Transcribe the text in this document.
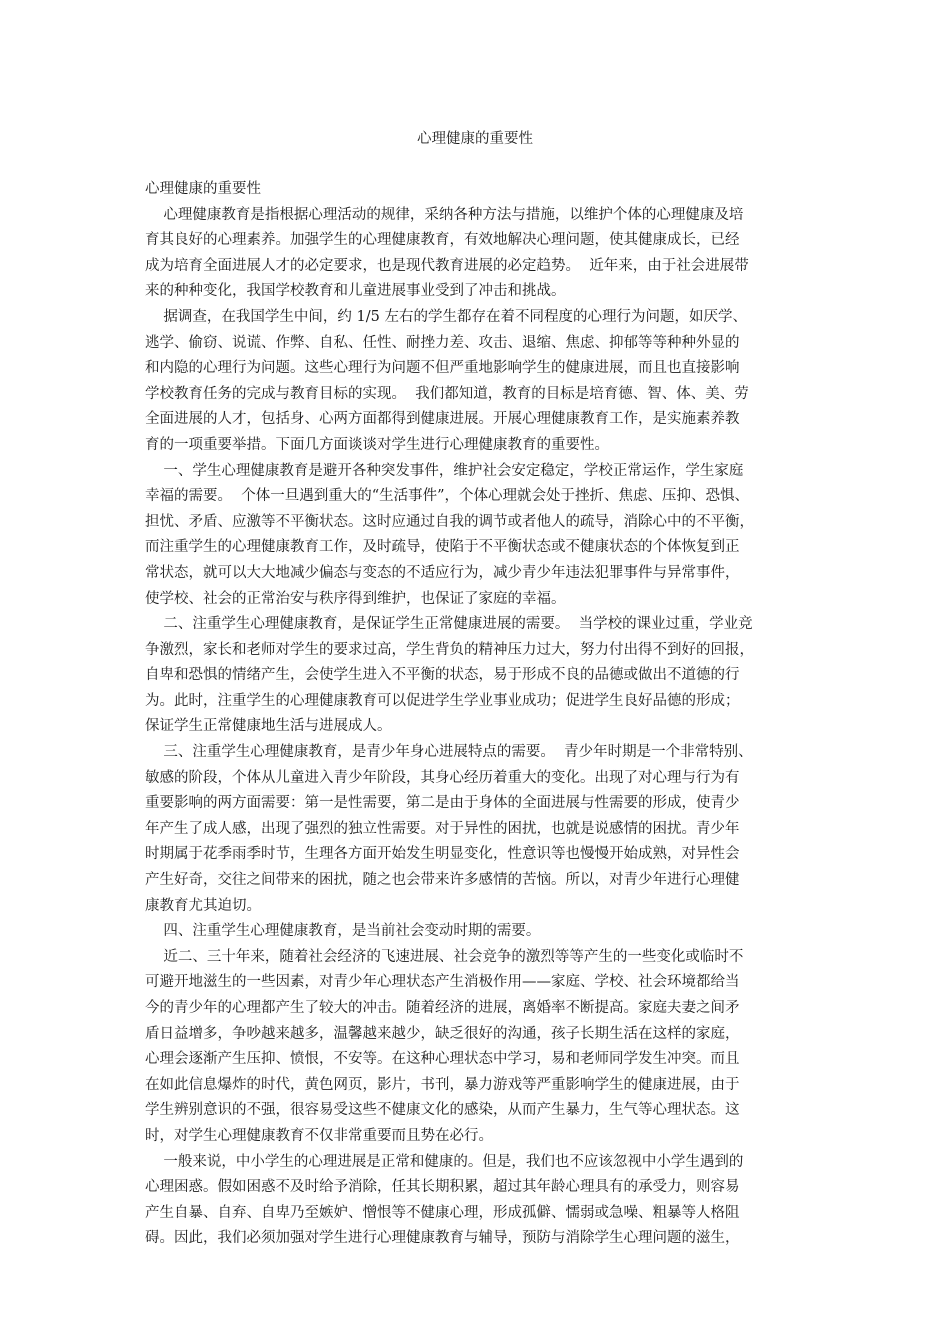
心理健康的重要性
心理健康的重要性
心理健康教育是指根据心理活动的规律，采纳各种方法与措施，以维护个体的心理健康及培
育其良好的心理素养。加强学生的心理健康教育，有效地解决心理问题，使其健康成长，已经
成为培育全面进展人才的必定要求，也是现代教育进展的必定趋势。  近年来，由于社会进展带
来的种种变化，我国学校教育和儿童进展事业受到了冲击和挑战。
据调查，在我国学生中间，约 1/5 左右的学生都存在着不同程度的心理行为问题，如厌学、
逃学、偷窃、说谎、作弊、自私、任性、耐挫力差、攻击、退缩、焦虑、抑郁等等种种外显的
和内隐的心理行为问题。这些心理行为问题不但严重地影响学生的健康进展，而且也直接影响
学校教育任务的完成与教育目标的实现。  我们都知道，教育的目标是培育德、智、体、美、劳
全面进展的人才，包括身、心两方面都得到健康进展。开展心理健康教育工作，是实施素养教
育的一项重要举措。下面几方面谈谈对学生进行心理健康教育的重要性。
一、学生心理健康教育是避开各种突发事件，维护社会安定稳定，学校正常运作，学生家庭
幸福的需要。  个体一旦遇到重大的“生活事件”，个体心理就会处于挫折、焦虑、压抑、恐惧、
担忧、矛盾、应激等不平衡状态。这时应通过自我的调节或者他人的疏导，消除心中的不平衡，
而注重学生的心理健康教育工作，及时疏导，使陷于不平衡状态或不健康状态的个体恢复到正
常状态，就可以大大地减少偏态与变态的不适应行为，减少青少年违法犯罪事件与异常事件，
使学校、社会的正常治安与秩序得到维护，也保证了家庭的幸福。
二、注重学生心理健康教育，是保证学生正常健康进展的需要。  当学校的课业过重，学业竞
争激烈，家长和老师对学生的要求过高，学生背负的精神压力过大，努力付出得不到好的回报，
自卑和恐惧的情绪产生，会使学生进入不平衡的状态，易于形成不良的品德或做出不道德的行
为。此时，注重学生的心理健康教育可以促进学生学业事业成功；促进学生良好品德的形成；
保证学生正常健康地生活与进展成人。
三、注重学生心理健康教育，是青少年身心进展特点的需要。  青少年时期是一个非常特别、
敏感的阶段，个体从儿童进入青少年阶段，其身心经历着重大的变化。出现了对心理与行为有
重要影响的两方面需要：第一是性需要，第二是由于身体的全面进展与性需要的形成，使青少
年产生了成人感，出现了强烈的独立性需要。对于异性的困扰，也就是说感情的困扰。青少年
时期属于花季雨季时节，生理各方面开始发生明显变化，性意识等也慢慢开始成熟，对异性会
产生好奇，交往之间带来的困扰，随之也会带来许多感情的苦恼。所以，对青少年进行心理健
康教育尤其迫切。
四、注重学生心理健康教育，是当前社会变动时期的需要。
近二、三十年来，随着社会经济的飞速进展、社会竞争的激烈等等产生的一些变化或临时不
可避开地滋生的一些因素，对青少年心理状态产生消极作用——家庭、学校、社会环境都给当
今的青少年的心理都产生了较大的冲击。随着经济的进展，离婚率不断提高。家庭夫妻之间矛
盾日益增多，争吵越来越多，温馨越来越少，缺乏很好的沟通，孩子长期生活在这样的家庭，
心理会逐渐产生压抑、愤恨，不安等。在这种心理状态中学习，易和老师同学发生冲突。而且
在如此信息爆炸的时代，黄色网页，影片，书刊，暴力游戏等严重影响学生的健康进展，由于
学生辨别意识的不强，很容易受这些不健康文化的感染，从而产生暴力，生气等心理状态。这
时，对学生心理健康教育不仅非常重要而且势在必行。
一般来说，中小学生的心理进展是正常和健康的。但是，我们也不应该忽视中小学生遇到的
心理困惑。假如困惑不及时给予消除，任其长期积累，超过其年龄心理具有的承受力，则容易
产生自暴、自弃、自卑乃至嫉妒、憎恨等不健康心理，形成孤僻、懦弱或急噪、粗暴等人格阻
碍。因此，我们必须加强对学生进行心理健康教育与辅导，预防与消除学生心理问题的滋生，
